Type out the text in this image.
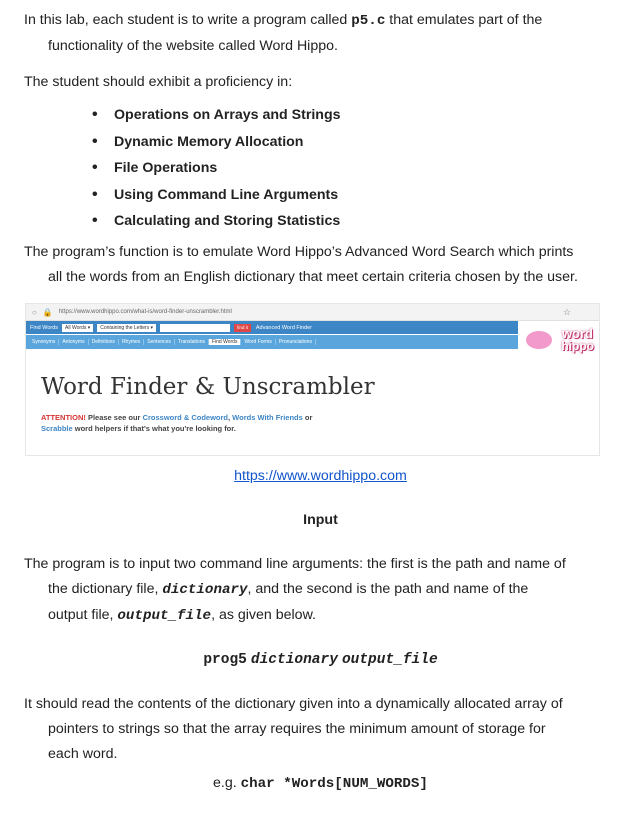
In this lab, each student is to write a program called p5.c that emulates part of the
functionality of the website called Word Hippo.
The student should exhibit a proficiency in:
• Operations on Arrays and Strings
• Dynamic Memory Allocation
• File Operations
• Using Command Line Arguments
• Calculating and Storing Statistics
The program’s function is to emulate Word Hippo’s Advanced Word Search which prints
all the words from an English dictionary that meet certain criteria chosen by the user.
○ 🔒 https://www.wordhippo.com/what-is/word-finder-unscrambler.html	☆
Find Words	All Words ▾	Containing the Letters ▾	find it	Advanced Word Finder
Synonyms	Antonyms	Definitions	Rhymes	Sentences	Translations	Find Words	Word Forms	Pronunciations
word
hippo
Word Finder & Unscrambler
ATTENTION! Please see our Crossword & Codeword, Words With Friends or
Scrabble word helpers if that's what you're looking for.
https://www.wordhippo.com
Input
The program is to input two command line arguments: the first is the path and name of
the dictionary file, dictionary, and the second is the path and name of the
output file, output_file, as given below.
prog5 dictionary output_file
It should read the contents of the dictionary given into a dynamically allocated array of
pointers to strings so that the array requires the minimum amount of storage for
each word.
e.g. char *Words[NUM_WORDS]
